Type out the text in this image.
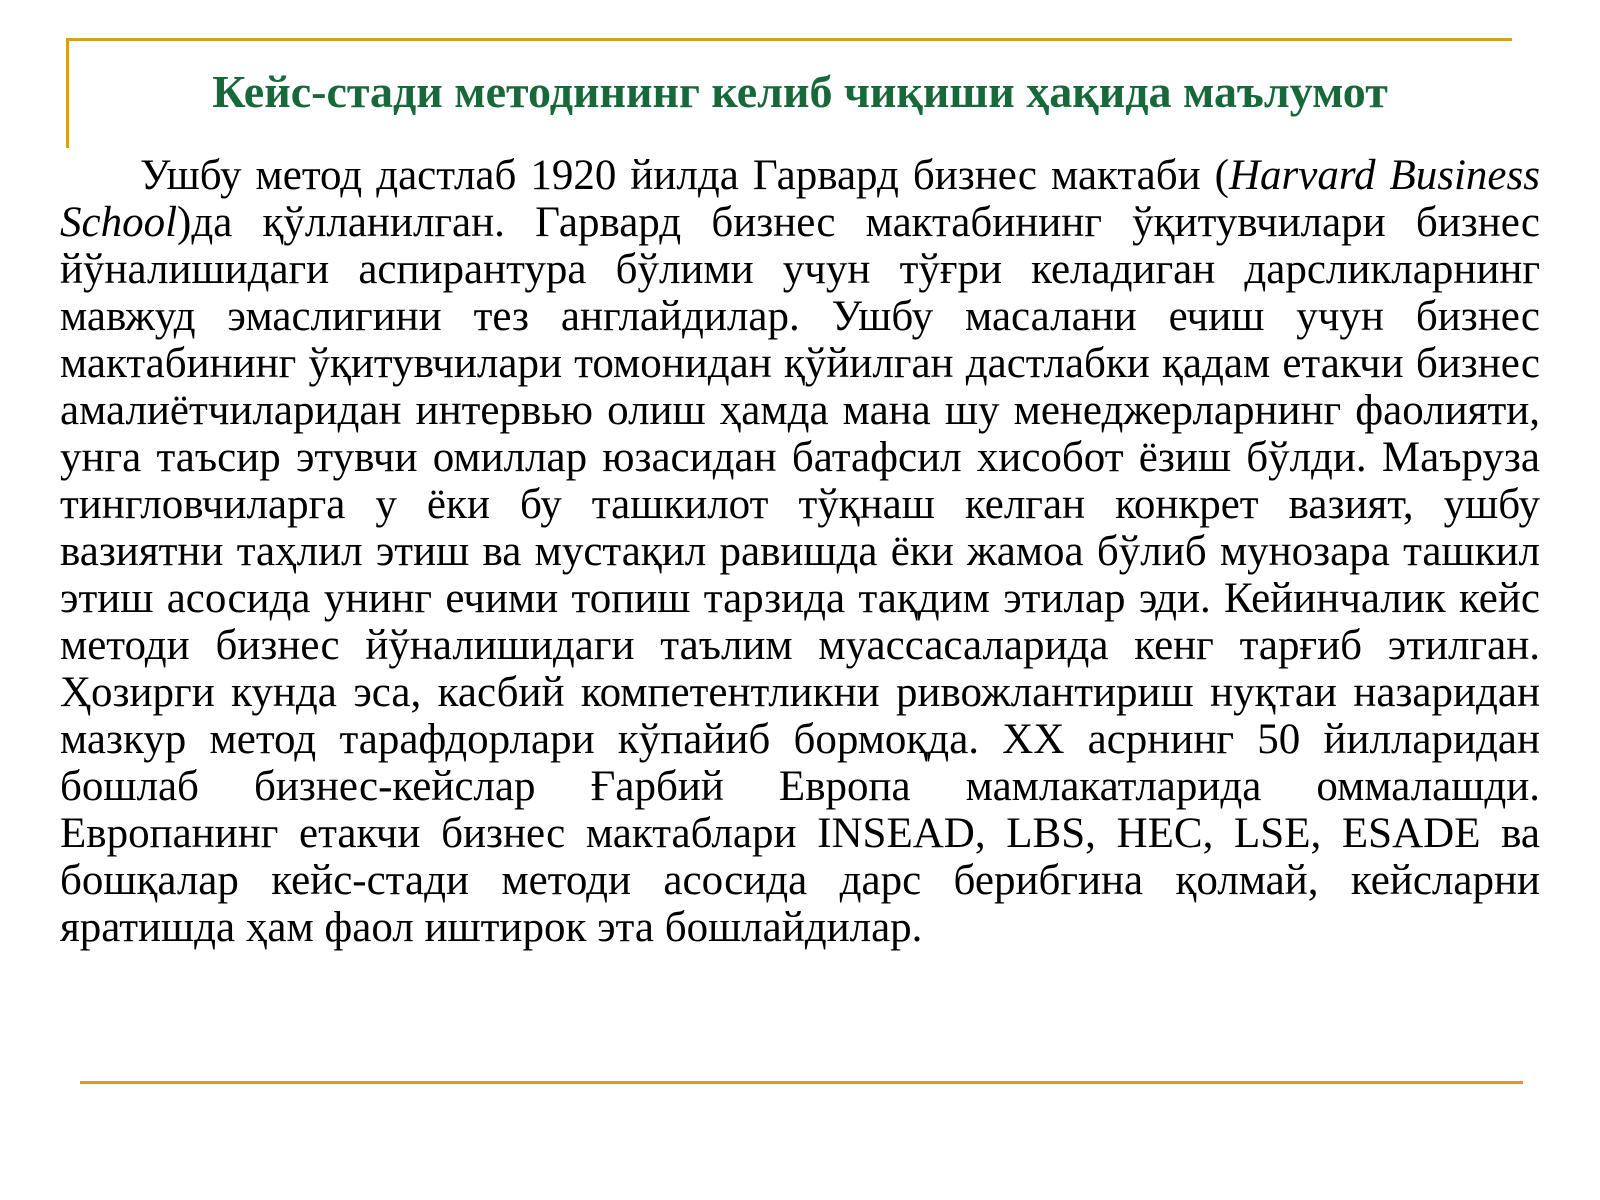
Кейс-стади методининг келиб чиқиши ҳақида маълумот

Ушбу метод дастлаб 1920 йилда Гарвард бизнес мактаби (Harvard Business School)да қўлланилган. Гарвард бизнес мактабининг ўқитувчилари бизнес йўналишидаги аспирантура бўлими учун тўғри келадиган дарсликларнинг мавжуд эмаслигини тез англайдилар. Ушбу масалани ечиш учун бизнес мактабининг ўқитувчилари томонидан қўйилган дастлабки қадам етакчи бизнес амалиётчиларидан интервью олиш ҳамда мана шу менеджерларнинг фаолияти, унга таъсир этувчи омиллар юзасидан батафсил хисобот ёзиш бўлди. Маъруза тингловчиларга у ёки бу ташкилот тўқнаш келган конкрет вазият, ушбу вазиятни таҳлил этиш ва мустақил равишда ёки жамоа бўлиб мунозара ташкил этиш асосида унинг ечими топиш тарзида тақдим этилар эди. Кейинчалик кейс методи бизнес йўналишидаги таълим муассасаларида кенг тарғиб этилган. Ҳозирги кунда эса, касбий компетентликни ривожлантириш нуқтаи назаридан мазкур метод тарафдорлари кўпайиб бормоқда. XX асрнинг 50 йилларидан бошлаб бизнес-кейслар Ғарбий Европа мамлакатларида оммалашди. Европанинг етакчи бизнес мактаблари INSEAD, LBS, HEC, LSE, ESADE ва бошқалар кейс-стади методи асосида дарс берибгина қолмай, кейсларни яратишда ҳам фаол иштирок эта бошлайдилар.
